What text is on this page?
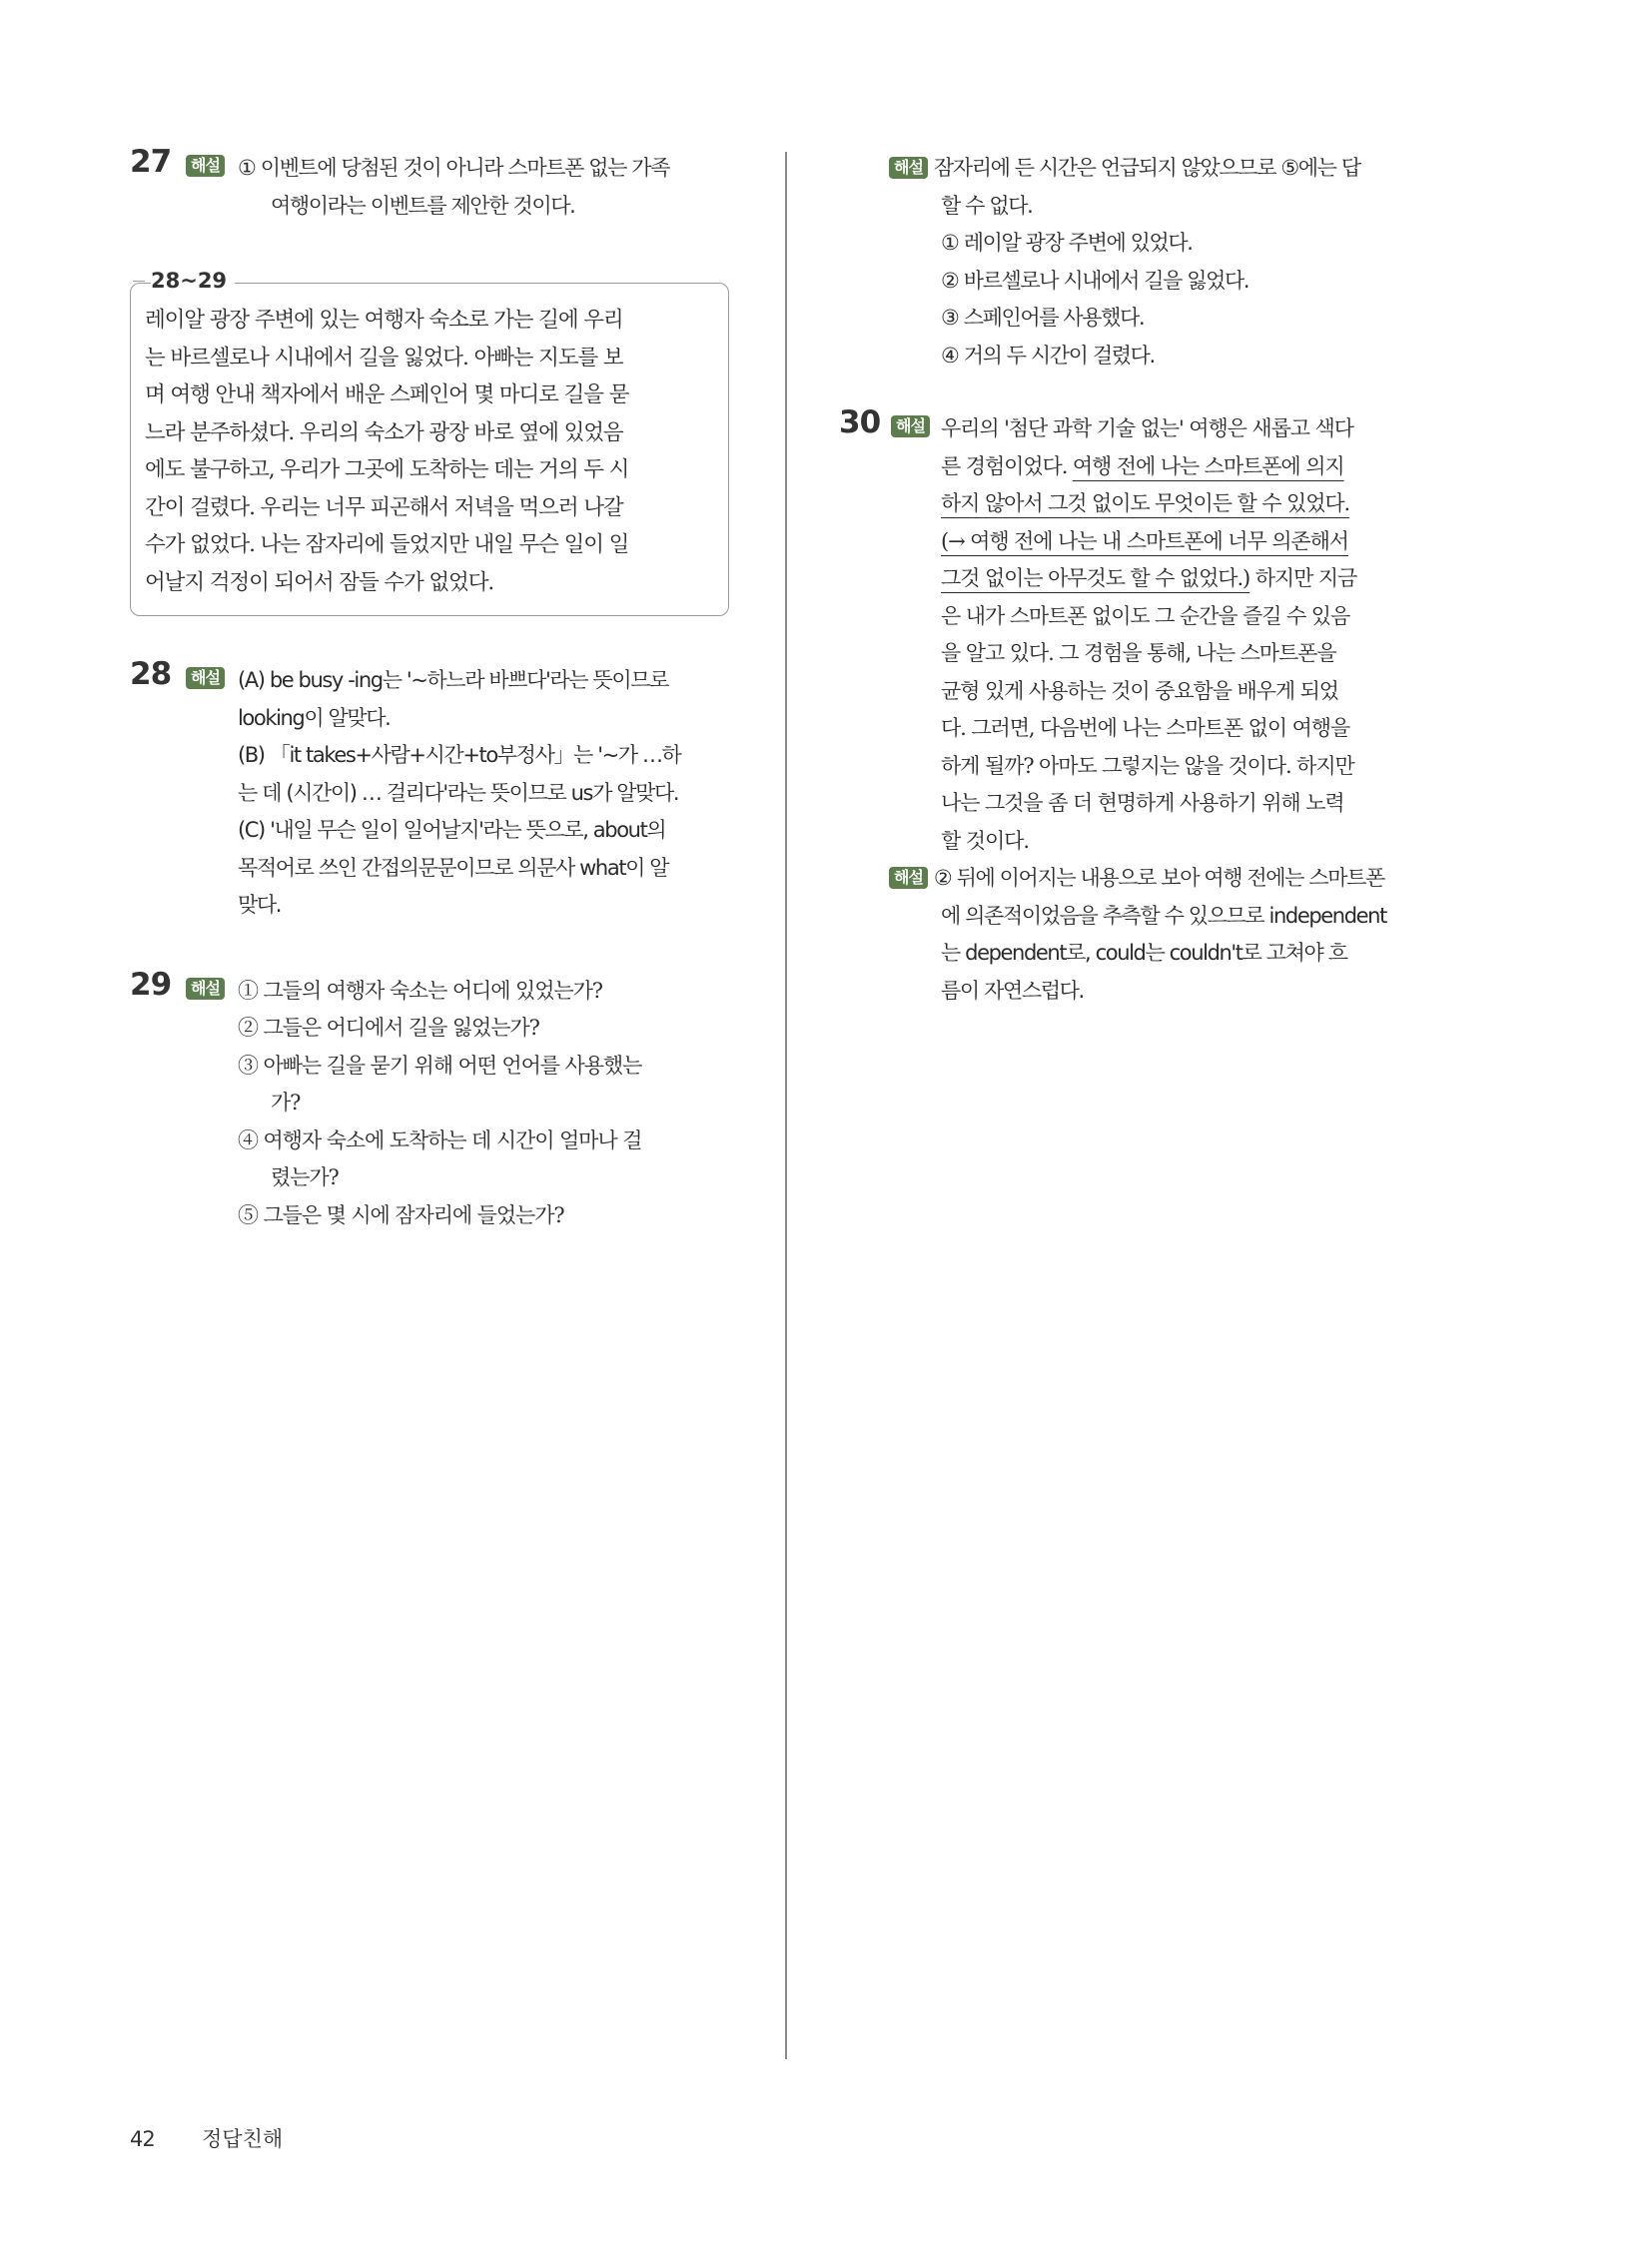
27	해설 ① 이벤트에 당첨된 것이 아니라 스마트폰 없는 가족
여행이라는 이벤트를 제안한 것이다.
28~29
레이알 광장 주변에 있는 여행자 숙소로 가는 길에 우리
는 바르셀로나 시내에서 길을 잃었다. 아빠는 지도를 보
며 여행 안내 책자에서 배운 스페인어 몇 마디로 길을 묻
느라 분주하셨다. 우리의 숙소가 광장 바로 옆에 있었음
에도 불구하고, 우리가 그곳에 도착하는 데는 거의 두 시
간이 걸렸다. 우리는 너무 피곤해서 저녁을 먹으러 나갈
수가 없었다. 나는 잠자리에 들었지만 내일 무슨 일이 일
어날지 걱정이 되어서 잠들 수가 없었다.
28	해설 (A) be busy -ing는 '~하느라 바쁘다'라는 뜻이므로
looking이 알맞다.
(B) 「it takes+사람+시간+to부정사」는 '~가 …하
는 데 (시간이) … 걸리다'라는 뜻이므로 us가 알맞다.
(C) '내일 무슨 일이 일어날지'라는 뜻으로, about의
목적어로 쓰인 간접의문문이므로 의문사 what이 알
맞다.
29	해설 ① 그들의 여행자 숙소는 어디에 있었는가?
② 그들은 어디에서 길을 잃었는가?
③ 아빠는 길을 묻기 위해 어떤 언어를 사용했는
가?
④ 여행자 숙소에 도착하는 데 시간이 얼마나 걸
렸는가?
⑤ 그들은 몇 시에 잠자리에 들었는가?
해설 잠자리에 든 시간은 언급되지 않았으므로 ⑤에는 답
할 수 없다.
① 레이알 광장 주변에 있었다.
② 바르셀로나 시내에서 길을 잃었다.
③ 스페인어를 사용했다.
④ 거의 두 시간이 걸렸다.
30 해설 우리의 '첨단 과학 기술 없는' 여행은 새롭고 색다
른 경험이었다. 여행 전에 나는 스마트폰에 의지
하지 않아서 그것 없이도 무엇이든 할 수 있었다.
(→ 여행 전에 나는 내 스마트폰에 너무 의존해서
그것 없이는 아무것도 할 수 없었다.) 하지만 지금
은 내가 스마트폰 없이도 그 순간을 즐길 수 있음
을 알고 있다. 그 경험을 통해, 나는 스마트폰을
균형 있게 사용하는 것이 중요함을 배우게 되었
다. 그러면, 다음번에 나는 스마트폰 없이 여행을
하게 될까? 아마도 그렇지는 않을 것이다. 하지만
나는 그것을 좀 더 현명하게 사용하기 위해 노력
할 것이다.
해설 ② 뒤에 이어지는 내용으로 보아 여행 전에는 스마트폰
에 의존적이었음을 추측할 수 있으므로 independent
는 dependent로, could는 couldn't로 고쳐야 흐
름이 자연스럽다.
42 정답친해
